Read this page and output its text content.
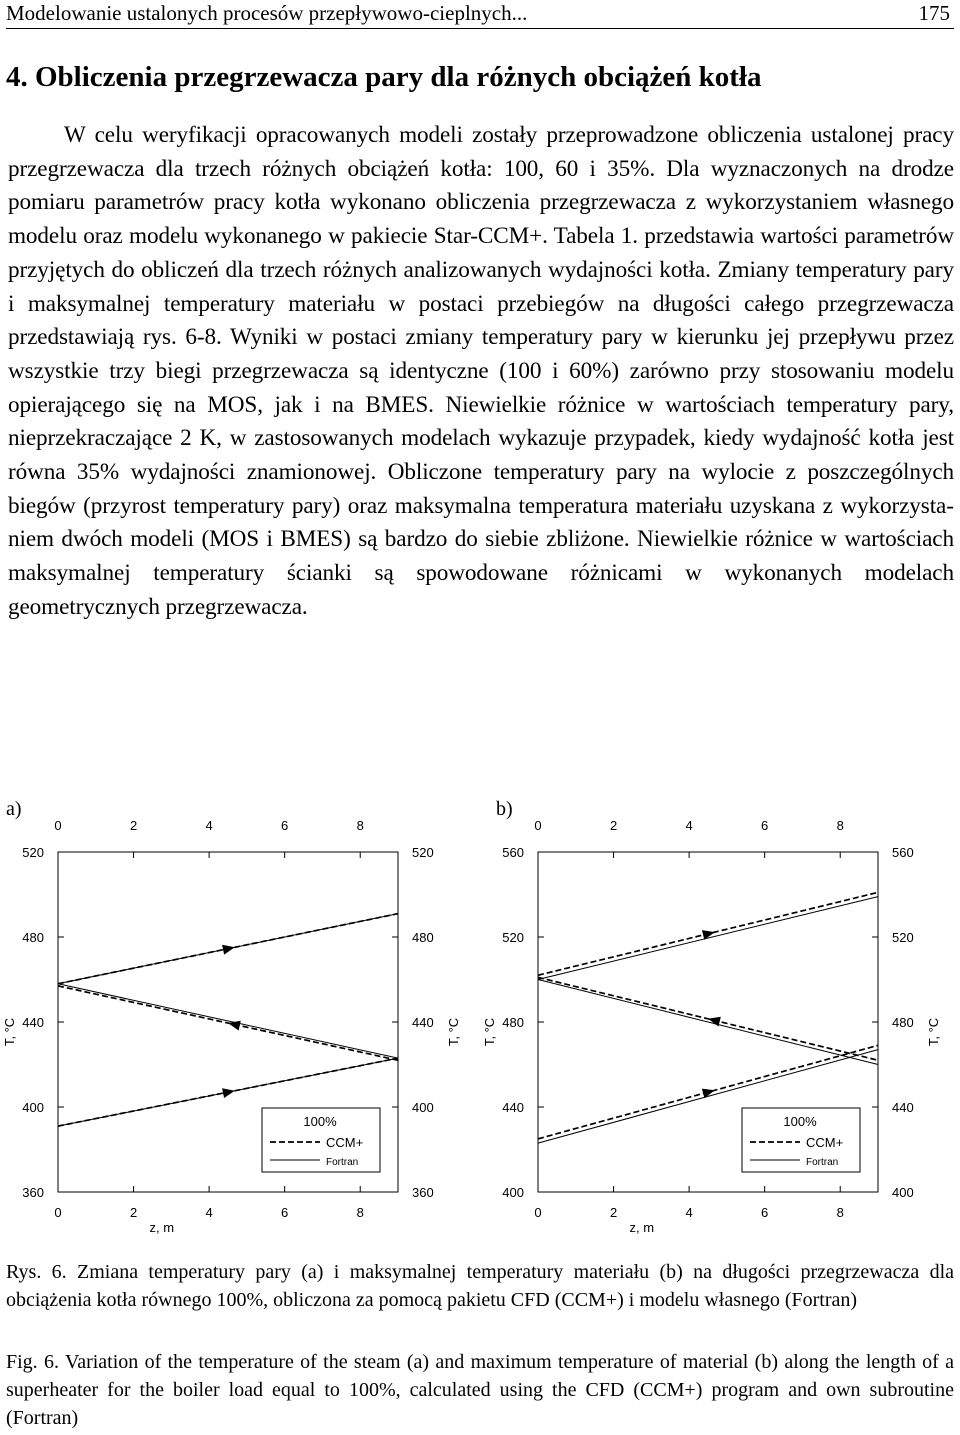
Modelowanie ustalonych procesów przepływowo-cieplnych...	175
4. Obliczenia przegrzewacza pary dla różnych obciążeń kotła

W celu weryfikacji opracowanych modeli zostały przeprowadzone obliczenia ustalonej pracy przegrzewacza dla trzech różnych obciążeń kotła: 100, 60 i 35%. Dla wyznaczonych na drodze pomiaru parametrów pracy kotła wykonano obliczenia przegrzewacza z wykorzystaniem własnego modelu oraz modelu wykonanego w pakiecie Star-CCM+. Tabela 1. przedstawia wartości parametrów przyjętych do obliczeń dla trzech różnych analizowanych wydajności kotła. Zmiany temperatury pary i maksymalnej temperatury materiału w postaci przebiegów na długości całego przegrzewacza przedstawiają rys. 6-8. Wyniki w postaci zmiany temperatury pary w kierunku jej przepływu przez wszystkie trzy biegi przegrzewacza są identyczne (100 i 60%) zarówno przy stosowaniu modelu opierającego się na MOS, jak i na BMES. Niewielkie różnice w wartościach temperatury pary, nieprzekraczające 2 K, w zastosowanych modelach wykazuje przypadek, kiedy wydajność kotła jest równa 35% wydajności znamionowej. Obliczone temperatury pary na wylocie z poszczególnych biegów (przyrost temperatury pary) oraz maksymalna temperatura materiału uzyskana z wykorzystaniem dwóch modeli (MOS i BMES) są bardzo do siebie zbliżone. Niewielkie różnice w wartościach maksymalnej temperatury ścianki są spowodowane różnicami w wykonanych modelach geometrycznych przegrzewacza.

a)	b)
0
0
2
2
4
4
6
6
8
8
360	360
400	400
440	440
480	480
520	520
z, m
T, °C	T, °C
100%
CCM+
Fortran
0
0
2
2
4
4
6
6
8
8
400	400
440	440
480	480
520	520
560	560
z, m
T, °C	T, °C
100%
CCM+
Fortran

Rys. 6. Zmiana temperatury pary (a) i maksymalnej temperatury materiału (b) na długości przegrzewacza dla obciążenia kotła równego 100%, obliczona za pomocą pakietu CFD (CCM+) i modelu własnego (Fortran)

Fig. 6. Variation of the temperature of the steam (a) and maximum temperature of material (b) along the length of a superheater for the boiler load equal to 100%, calculated using the CFD (CCM+) program and own subroutine (Fortran)
